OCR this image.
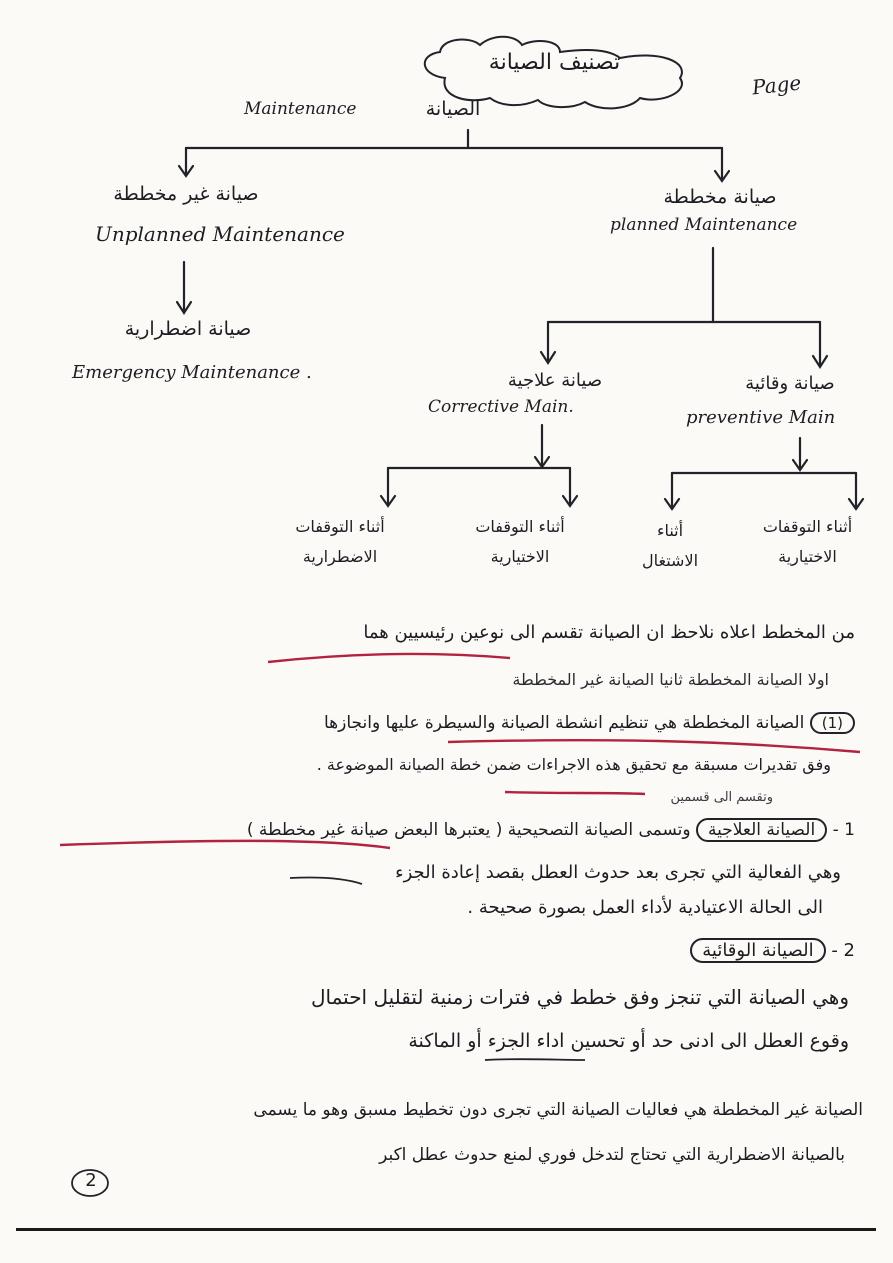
تصنيف الصيانة
Page
Maintenance	الصيانة
صيانة غير مخططة
Unplanned Maintenance
صيانة مخططة
planned Maintenance
صيانة اضطرارية
Emergency Maintenance .	صيانة علاجية
Corrective Main.
صيانة وقائية
preventive Main
أثناء التوقفات
الاضطرارية
أثناء التوقفات
الاختيارية
أثناء
الاشتغال
أثناء التوقفات
الاختيارية
من المخطط اعلاه نلاحظ ان الصيانة تقسم الى نوعين رئيسيين هما
اولا الصيانة المخططة ثانيا الصيانة غير المخططة
(1) الصيانة المخططة هي تنظيم انشطة الصيانة والسيطرة عليها وانجازها
وفق تقديرات مسبقة مع تحقيق هذه الاجراءات ضمن خطة الصيانة الموضوعة .
وتقسم الى قسمين
1 - الصيانة العلاجية وتسمى الصيانة التصحيحية ( يعتبرها البعض صيانة غير مخططة )
وهي الفعالية التي تجرى بعد حدوث العطل بقصد إعادة الجزء
الى الحالة الاعتيادية لأداء العمل بصورة صحيحة .
2 - الصيانة الوقائية
وهي الصيانة التي تنجز وفق خطط في فترات زمنية لتقليل احتمال
وقوع العطل الى ادنى حد أو تحسين اداء الجزء أو الماكنة
الصيانة غير المخططة هي فعاليات الصيانة التي تجرى دون تخطيط مسبق وهو ما يسمى
بالصيانة الاضطرارية التي تحتاج لتدخل فوري لمنع حدوث عطل اكبر
2
